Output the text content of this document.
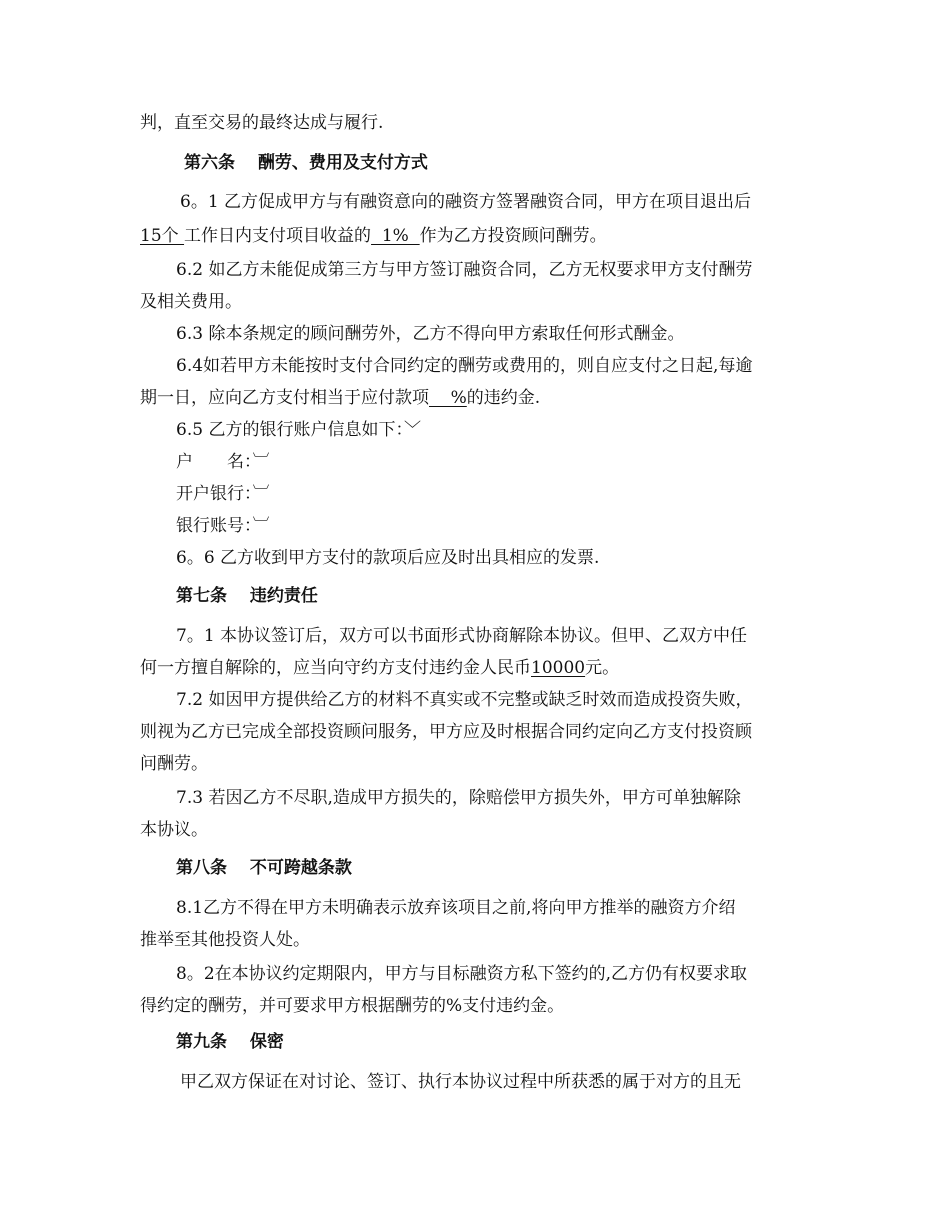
判，直至交易的最终达成与履行.
第六条　 酬劳、费用及支付方式
6。1 乙方促成甲方与有融资意向的融资方签署融资合同，甲方在项目退出后
15个 工作日内支付项目收益的  1%  作为乙方投资顾问酬劳。
6.2 如乙方未能促成第三方与甲方签订融资合同，乙方无权要求甲方支付酬劳
及相关费用。
6.3 除本条规定的顾问酬劳外，乙方不得向甲方索取任何形式酬金。
6.4如若甲方未能按时支付合同约定的酬劳或费用的，则自应支付之日起,每逾
期一日，应向乙方支付相当于应付款项    %的违约金.
6.5 乙方的银行账户信息如下：﹀
户　　名：︺
开户银行：︺
银行账号：︺
6。6 乙方收到甲方支付的款项后应及时出具相应的发票.
第七条　 违约责任
7。1 本协议签订后，双方可以书面形式协商解除本协议。但甲、乙双方中任
何一方擅自解除的，应当向守约方支付违约金人民币10000元。
7.2 如因甲方提供给乙方的材料不真实或不完整或缺乏时效而造成投资失败，
则视为乙方已完成全部投资顾问服务，甲方应及时根据合同约定向乙方支付投资顾
问酬劳。
7.3 若因乙方不尽职,造成甲方损失的，除赔偿甲方损失外，甲方可单独解除
本协议。
第八条　 不可跨越条款
8.1乙方不得在甲方未明确表示放弃该项目之前,将向甲方推举的融资方介绍
推举至其他投资人处。
8。2在本协议约定期限内，甲方与目标融资方私下签约的,乙方仍有权要求取
得约定的酬劳，并可要求甲方根据酬劳的%支付违约金。
第九条　 保密
甲乙双方保证在对讨论、签订、执行本协议过程中所获悉的属于对方的且无
